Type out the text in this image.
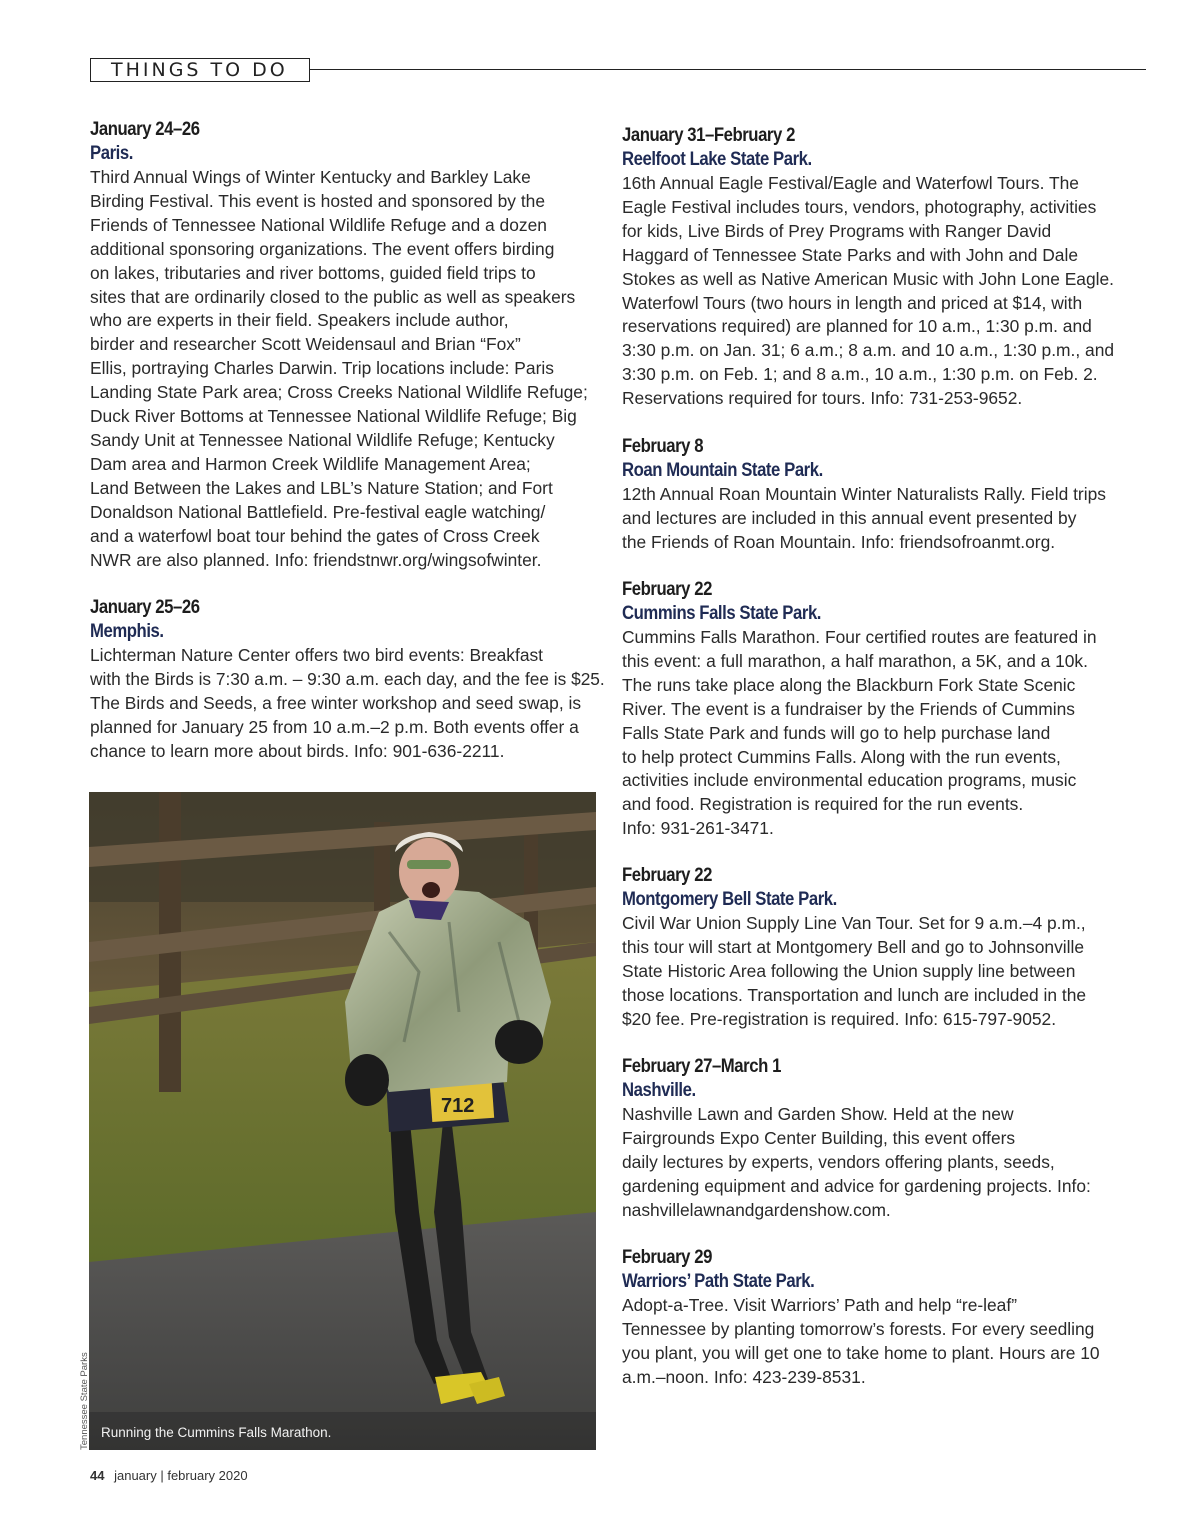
THINGS TO DO
January 24–26
Paris.
Third Annual Wings of Winter Kentucky and Barkley Lake
Birding Festival. This event is hosted and sponsored by the
Friends of Tennessee National Wildlife Refuge and a dozen
additional sponsoring organizations. The event offers birding
on lakes, tributaries and river bottoms, guided field trips to
sites that are ordinarily closed to the public as well as speakers
who are experts in their field. Speakers include author,
birder and researcher Scott Weidensaul and Brian “Fox”
Ellis, portraying Charles Darwin. Trip locations include: Paris
Landing State Park area; Cross Creeks National Wildlife Refuge;
Duck River Bottoms at Tennessee National Wildlife Refuge; Big
Sandy Unit at Tennessee National Wildlife Refuge; Kentucky
Dam area and Harmon Creek Wildlife Management Area;
Land Between the Lakes and LBL’s Nature Station; and Fort
Donaldson National Battlefield. Pre-festival eagle watching/
and a waterfowl boat tour behind the gates of Cross Creek
NWR are also planned. Info: friendstnwr.org/wingsofwinter.
January 25–26
Memphis.
Lichterman Nature Center offers two bird events: Breakfast
with the Birds is 7:30 a.m. – 9:30 a.m. each day, and the fee is $25.
The Birds and Seeds, a free winter workshop and seed swap, is
planned for January 25 from 10 a.m.–2 p.m. Both events offer a
chance to learn more about birds. Info: 901-636-2211.
712
Running the Cummins Falls Marathon.
Tennessee State Parks
January 31–February 2
Reelfoot Lake State Park.
16th Annual Eagle Festival/Eagle and Waterfowl Tours. The
Eagle Festival includes tours, vendors, photography, activities
for kids, Live Birds of Prey Programs with Ranger David
Haggard of Tennessee State Parks and with John and Dale
Stokes as well as Native American Music with John Lone Eagle.
Waterfowl Tours (two hours in length and priced at $14, with
reservations required) are planned for 10 a.m., 1:30 p.m. and
3:30 p.m. on Jan. 31; 6 a.m.; 8 a.m. and 10 a.m., 1:30 p.m., and
3:30 p.m. on Feb. 1; and 8 a.m., 10 a.m., 1:30 p.m. on Feb. 2.
Reservations required for tours. Info: 731-253-9652.
February 8
Roan Mountain State Park.
12th Annual Roan Mountain Winter Naturalists Rally. Field trips
and lectures are included in this annual event presented by
the Friends of Roan Mountain. Info: friendsofroanmt.org.
February 22
Cummins Falls State Park.
Cummins Falls Marathon. Four certified routes are featured in
this event: a full marathon, a half marathon, a 5K, and a 10k.
The runs take place along the Blackburn Fork State Scenic
River. The event is a fundraiser by the Friends of Cummins
Falls State Park and funds will go to help purchase land
to help protect Cummins Falls. Along with the run events,
activities include environmental education programs, music
and food. Registration is required for the run events.
Info: 931-261-3471.
February 22
Montgomery Bell State Park.
Civil War Union Supply Line Van Tour. Set for 9 a.m.–4 p.m.,
this tour will start at Montgomery Bell and go to Johnsonville
State Historic Area following the Union supply line between
those locations. Transportation and lunch are included in the
$20 fee. Pre-registration is required. Info: 615-797-9052.
February 27–March 1
Nashville.
Nashville Lawn and Garden Show. Held at the new
Fairgrounds Expo Center Building, this event offers
daily lectures by experts, vendors offering plants, seeds,
gardening equipment and advice for gardening projects. Info:
nashvillelawnandgardenshow.com.
February 29
Warriors’ Path State Park.
Adopt-a-Tree. Visit Warriors’ Path and help “re-leaf”
Tennessee by planting tomorrow’s forests. For every seedling
you plant, you will get one to take home to plant. Hours are 10
a.m.–noon. Info: 423-239-8531.
44 january | february 2020
